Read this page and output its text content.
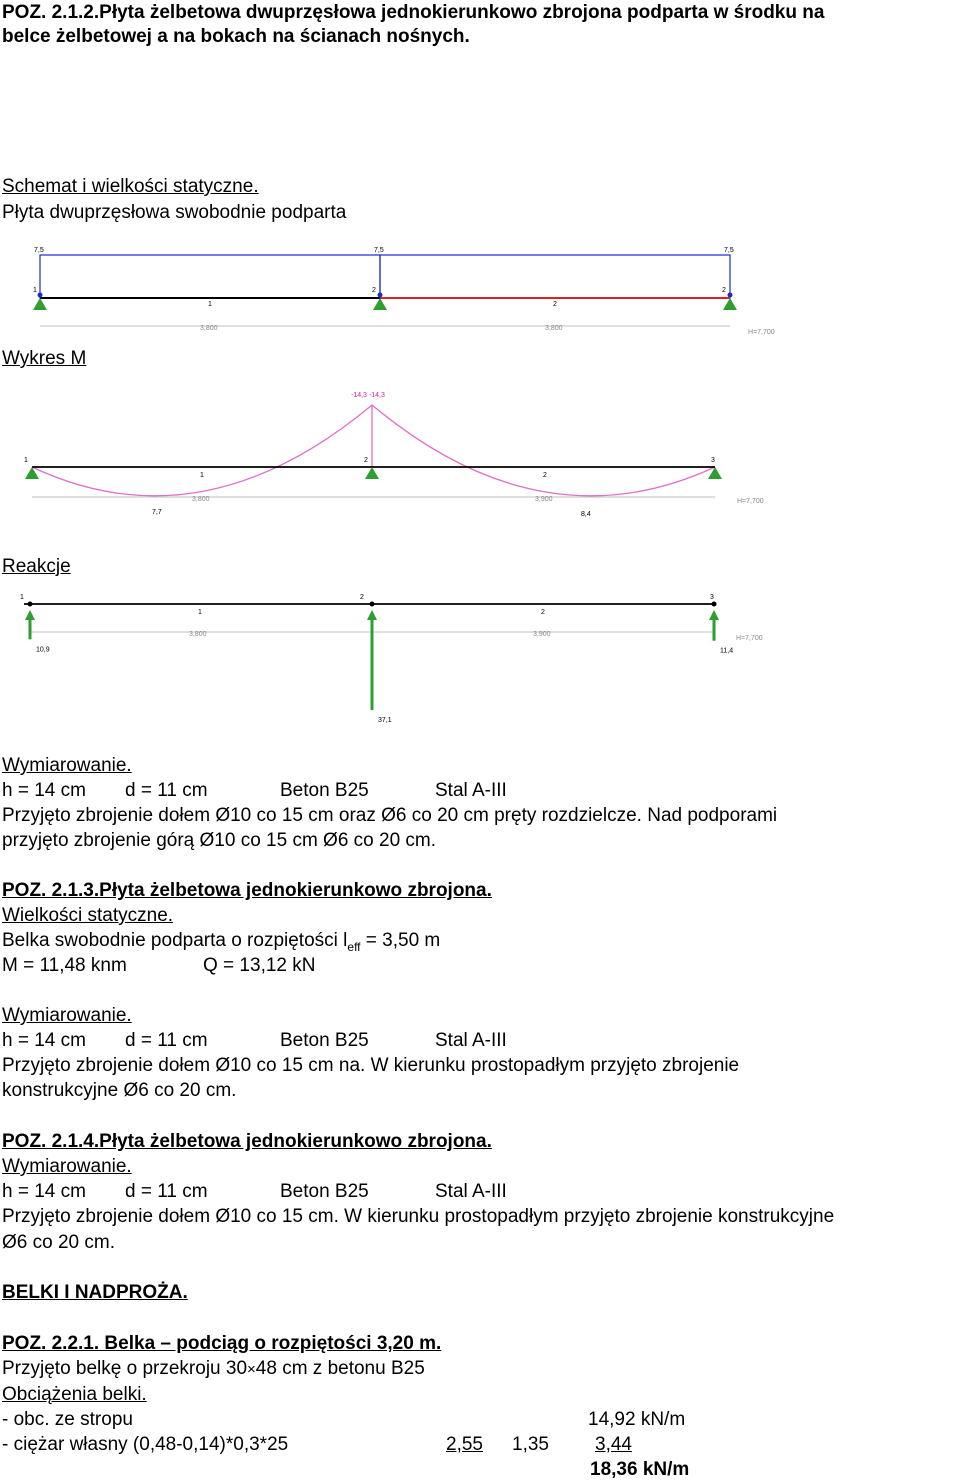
POZ. 2.1.2.Płyta żelbetowa dwuprzęsłowa jednokierunkowo zbrojona podparta w środku na
belce żelbetowej a na bokach na ścianach nośnych.
Schemat i wielkości statyczne.
Płyta dwuprzęsłowa swobodnie podparta
7,5	7,5	7,5
1	2	2
1	2
3,800	3,800
H=7,700
Wykres M
-14,3 -14,3
1	2	3
1	2
3,800	3,900
7,7	8,4
H=7,700
Reakcje
1	2	3
1	2
3,800	3,900
H=7,700
10,9
37,1
11,4
Wymiarowanie.
h = 14 cm d = 11 cm	Beton B25	Stal A-III
Przyjęto zbrojenie dołem Ø10 co 15 cm oraz Ø6 co 20 cm pręty rozdzielcze. Nad podporami
przyjęto zbrojenie górą Ø10 co 15 cm Ø6 co 20 cm.
POZ. 2.1.3.Płyta żelbetowa jednokierunkowo zbrojona.
Wielkości statyczne.
Belka swobodnie podparta o rozpiętości $l_{eff} = 3,50$ m
M = 11,48 knm	Q = 13,12 kN
Wymiarowanie.
h = 14 cm d = 11 cm	Beton B25	Stal A-III
Przyjęto zbrojenie dołem Ø10 co 15 cm na. W kierunku prostopadłym przyjęto zbrojenie
konstrukcyjne Ø6 co 20 cm.
POZ. 2.1.4.Płyta żelbetowa jednokierunkowo zbrojona.
Wymiarowanie.
h = 14 cm d = 11 cm	Beton B25	Stal A-III
Przyjęto zbrojenie dołem Ø10 co 15 cm. W kierunku prostopadłym przyjęto zbrojenie konstrukcyjne
Ø6 co 20 cm.
BELKI I NADPROŻA.
POZ. 2.2.1. Belka – podciąg o rozpiętości 3,20 m.
Przyjęto belkę o przekroju 30×48 cm z betonu B25
Obciążenia belki.
- obc. ze stropu	14,92 kN/m
- ciężar własny (0,48-0,14)*0,3*25	2,55 1,35 3,44
18,36 kN/m
